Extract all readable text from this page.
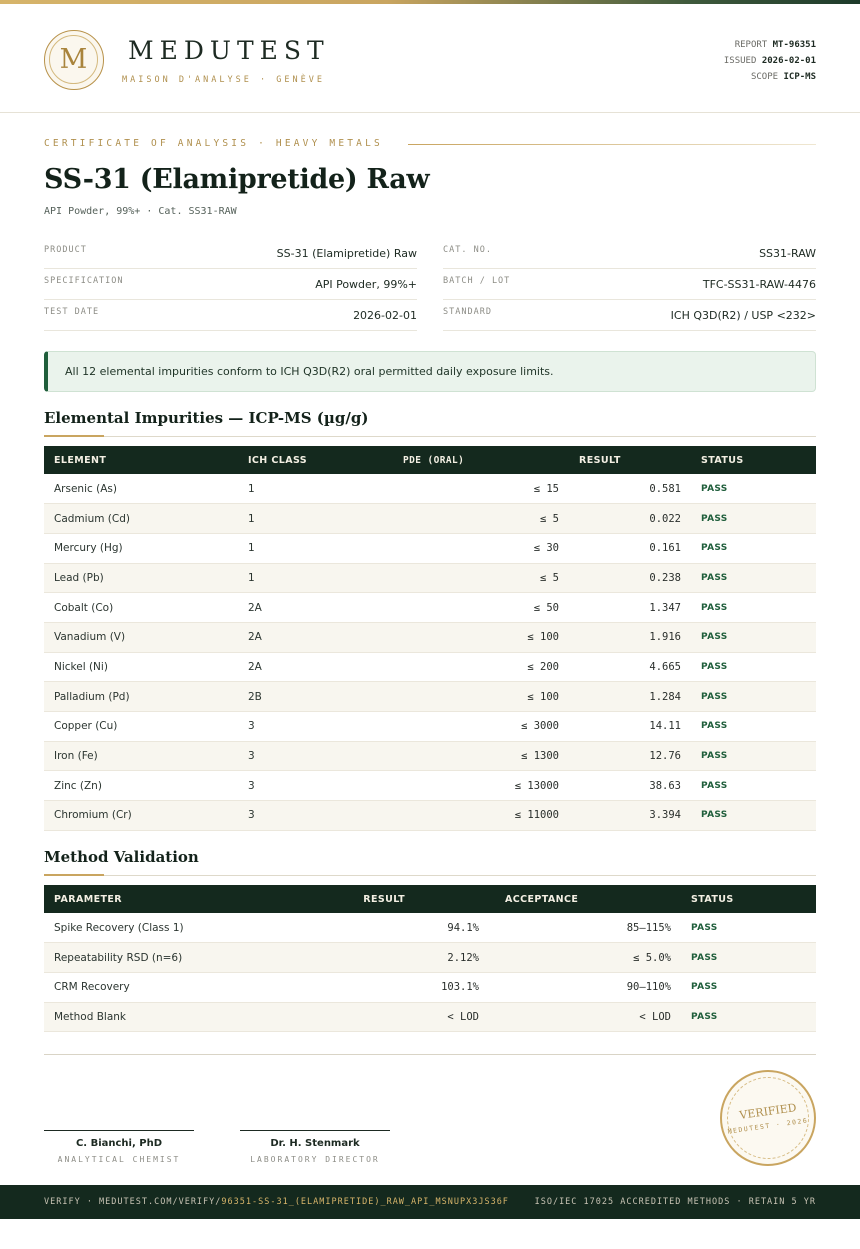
M	MEDUTEST
MAISON D'ANALYSE · GENÈVE
REPORT MT-96351
ISSUED 2026-02-01
SCOPE ICP-MS
CERTIFICATE OF ANALYSIS · HEAVY METALS
SS-31 (Elamipretide) Raw
API Powder, 99%+ · Cat. SS31-RAW
PRODUCT	SS-31 (Elamipretide) Raw
SPECIFICATION	API Powder, 99%+
TEST DATE	2026-02-01
CAT. NO.	SS31-RAW
BATCH / LOT	TFC-SS31-RAW-4476
STANDARD	ICH Q3D(R2) / USP <232>
All 12 elemental impurities conform to ICH Q3D(R2) oral permitted daily exposure limits.
Elemental Impurities — ICP-MS (µg/g)
ELEMENT	ICH CLASS	PDE (ORAL)	RESULT	STATUS
Arsenic (As)	1	≤ 15	0.581	PASS
Cadmium (Cd)	1	≤ 5	0.022	PASS
Mercury (Hg)	1	≤ 30	0.161	PASS
Lead (Pb)	1	≤ 5	0.238	PASS
Cobalt (Co)	2A	≤ 50	1.347	PASS
Vanadium (V)	2A	≤ 100	1.916	PASS
Nickel (Ni)	2A	≤ 200	4.665	PASS
Palladium (Pd)	2B	≤ 100	1.284	PASS
Copper (Cu)	3	≤ 3000	14.11	PASS
Iron (Fe)	3	≤ 1300	12.76	PASS
Zinc (Zn)	3	≤ 13000	38.63	PASS
Chromium (Cr)	3	≤ 11000	3.394	PASS
Method Validation
PARAMETER	RESULT	ACCEPTANCE	STATUS
Spike Recovery (Class 1)	94.1%	85–115%	PASS
Repeatability RSD (n=6)	2.12%	≤ 5.0%	PASS
CRM Recovery	103.1%	90–110%	PASS
Method Blank	< LOD	< LOD	PASS
C. Bianchi, PhD
ANALYTICAL CHEMIST
Dr. H. Stenmark
LABORATORY DIRECTOR
VERIFIED
MEDUTEST · 2026
VERIFY · MEDUTEST.COM/VERIFY/96351-SS-31_(ELAMIPRETIDE)_RAW_API_MSNUPX3JS36F	ISO/IEC 17025 ACCREDITED METHODS · RETAIN 5 YR
